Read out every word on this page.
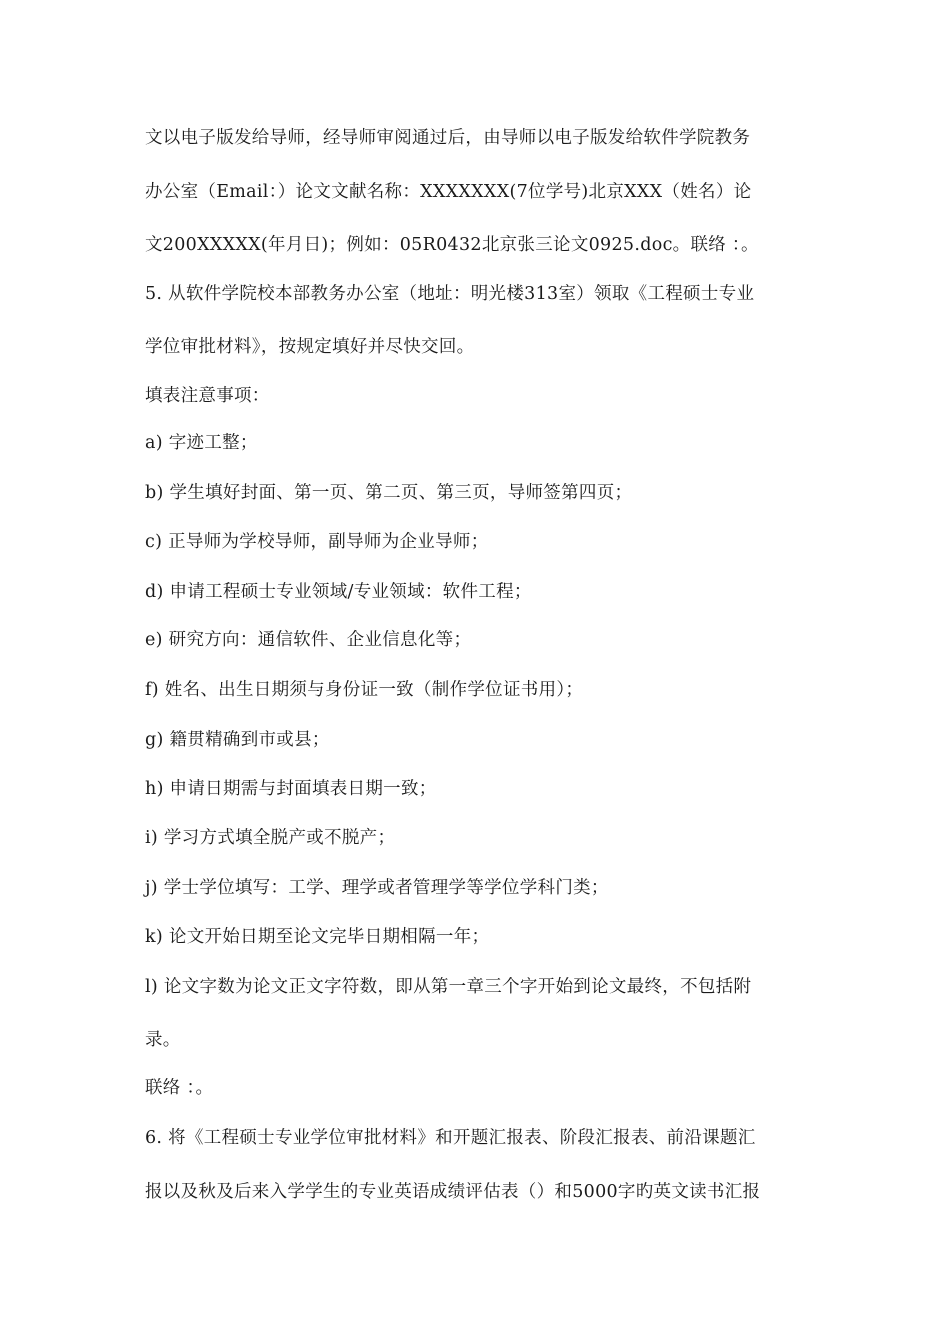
文以电子版发给导师，经导师审阅通过后，由导师以电子版发给软件学院教务
办公室（Email：）论文文献名称：XXXXXXX(7位学号)北京XXX（姓名）论
文200XXXXX(年月日)；例如：05R0432北京张三论文0925.doc。联络 ：。
5. 从软件学院校本部教务办公室（地址：明光楼313室）领取《工程硕士专业
学位审批材料》，按规定填好并尽快交回。
填表注意事项：
a) 字迹工整；
b) 学生填好封面、第一页、第二页、第三页，导师签第四页；
c) 正导师为学校导师，副导师为企业导师；
d) 申请工程硕士专业领域/专业领域：软件工程；
e) 研究方向：通信软件、企业信息化等；
f) 姓名、出生日期须与身份证一致（制作学位证书用）；
g) 籍贯精确到市或县；
h) 申请日期需与封面填表日期一致；
i) 学习方式填全脱产或不脱产；
j) 学士学位填写：工学、理学或者管理学等学位学科门类；
k) 论文开始日期至论文完毕日期相隔一年；
l) 论文字数为论文正文字符数，即从第一章三个字开始到论文最终，不包括附
录。
联络 ：。
6. 将《工程硕士专业学位审批材料》和开题汇报表、阶段汇报表、前沿课题汇
报以及秋及后来入学学生的专业英语成绩评估表（）和5000字旳英文读书汇报
